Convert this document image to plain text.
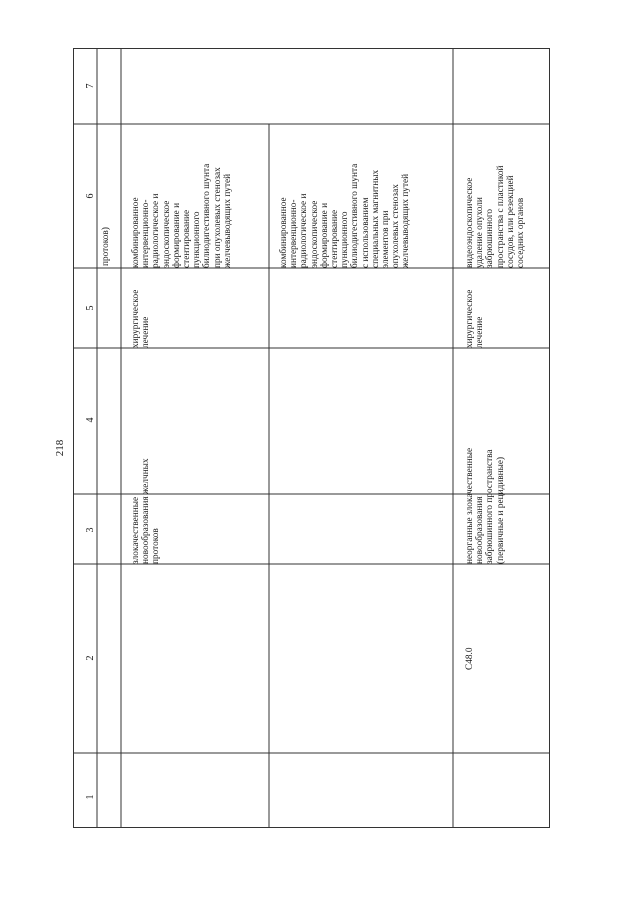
218
1
2
3
4
5
6
7

протоков)

злокачественные
новообразования желчных
протоков

хирургическое
лечение

комбинированное
интервенционно-
радиологическое и
эндоскопическое
формирование и
стентирование
пункционного
билиодигестивного шунта
при опухолевых стенозах
желчевыводящих путей

комбинированное
интервенционно-
радиологическое и
эндоскопическое
формирование и
стентирование
пункционного
билиодигестивного шунта
с использованием
специальных магнитных
элементов при
опухолевых стенозах
желчевыводящих путей

C48.0

неорганные злокачественные
новообразования
забрюшинного пространства
(первичные и рецидивные)

хирургическое
лечение

видеоэндоскопическое
удаление опухоли
забрюшинного
пространства с пластикой
сосудов, или резекцией
соседних органов
